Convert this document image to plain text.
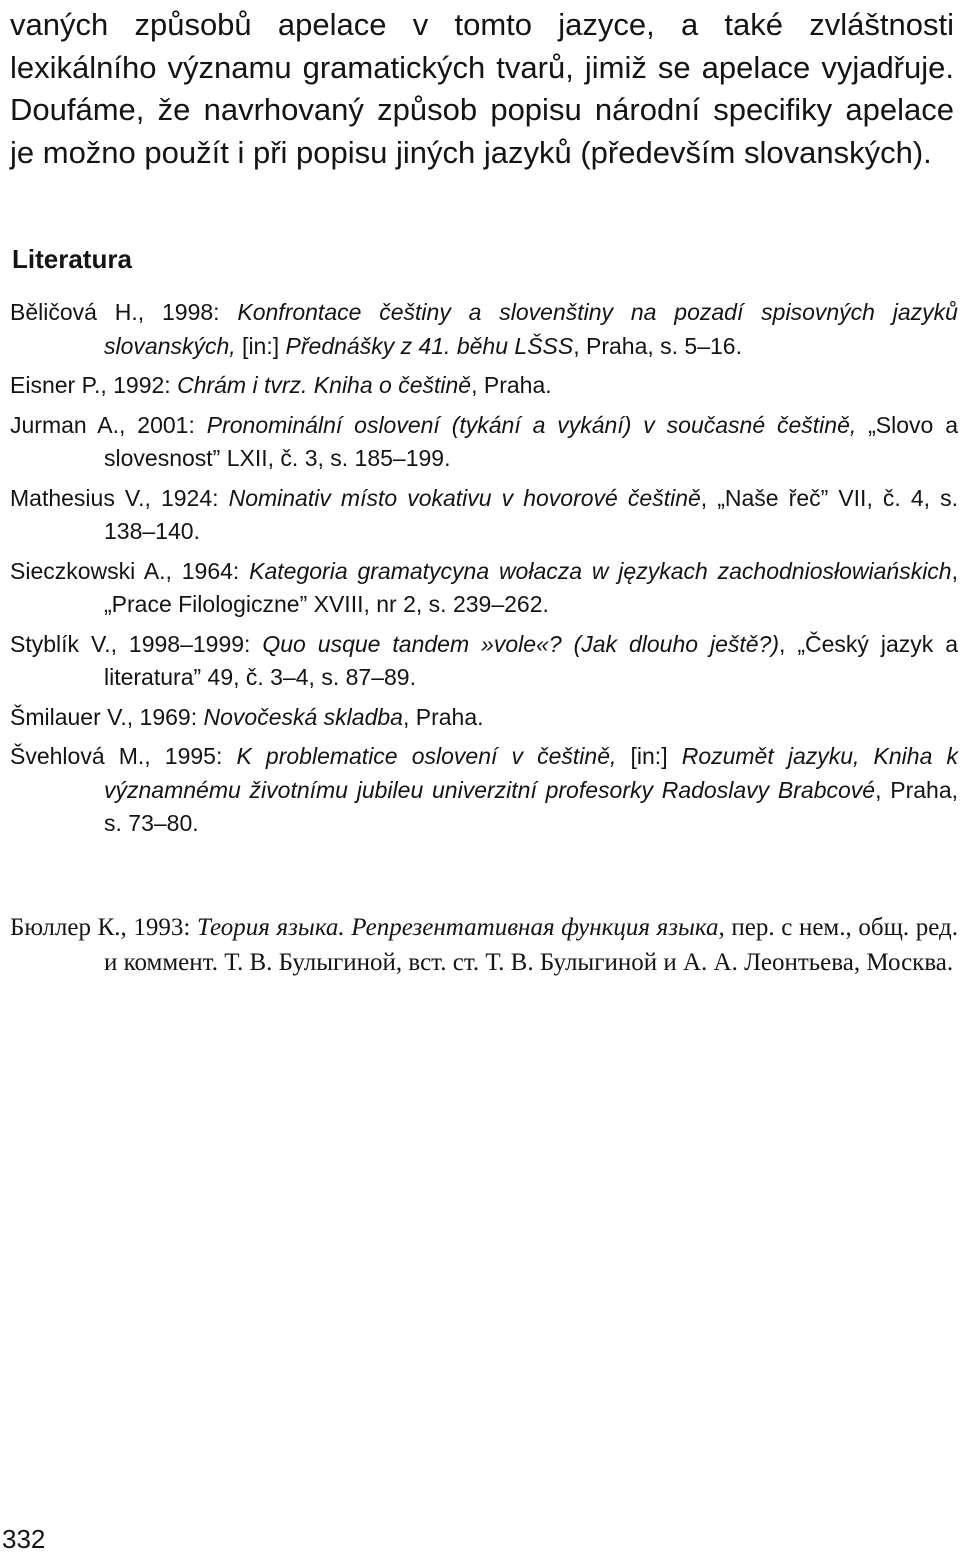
vaných způsobů apelace v tomto jazyce, a také zvláštnosti lexikálního významu gramatických tvarů, jimiž se apelace vyjadřuje. Doufáme, že navrhovaný způsob popisu národní specifiky apelace je možno použít i při popisu jiných jazyků (především slovanských).
Literatura
Běličová H., 1998: Konfrontace češtiny a slovenštiny na pozadí spisovných jazyků slovanských, [in:] Přednášky z 41. běhu LŠSS, Praha, s. 5–16.
Eisner P., 1992: Chrám i tvrz. Kniha o češtině, Praha.
Jurman A., 2001: Pronominální oslovení (tykání a vykání) v současné češtině, „Slovo a slovesnost” LXII, č. 3, s. 185–199.
Mathesius V., 1924: Nominativ místo vokativu v hovorové češtině, „Naše řeč” VII, č. 4, s. 138–140.
Sieczkowski A., 1964: Kategoria gramatycyna wołacza w językach zachodniosłowiańskich, „Prace Filologiczne” XVIII, nr 2, s. 239–262.
Styblík V., 1998–1999: Quo usque tandem »vole«? (Jak dlouho ještě?), „Český jazyk a literatura” 49, č. 3–4, s. 87–89.
Šmilauer V., 1969: Novočeská skladba, Praha.
Švehlová M., 1995: K problematice oslovení v češtině, [in:] Rozumět jazyku, Kniha k významnému životnímu jubileu univerzitní profesorky Radoslavy Brabcové, Praha, s. 73–80.
Бюллер К., 1993: Теория языка. Репрезентативная функция языка, пер. с нем., общ. ред. и коммент. Т. В. Булыгиной, вст. ст. Т. В. Булыгиной и А. А. Леонтьева, Москва.
332
